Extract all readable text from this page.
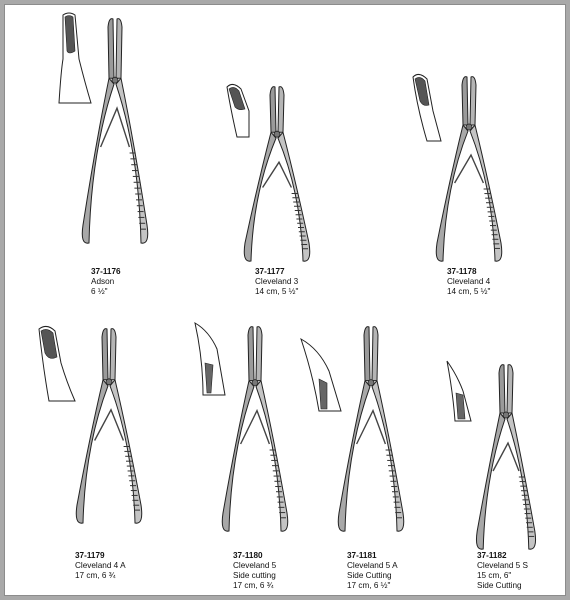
37-1176
Adson
6 ½"
37-1177
Cleveland 3
14 cm, 5 ½"
37-1178
Cleveland 4
14 cm, 5 ½"
37-1179
Cleveland 4 A
17 cm, 6 ¾
37-1180
Cleveland 5
Side cutting
17 cm, 6 ¾
37-1181
Cleveland 5 A
Side Cutting
17 cm, 6 ½"
37-1182
Cleveland 5 S
15 cm, 6"
Side Cutting
